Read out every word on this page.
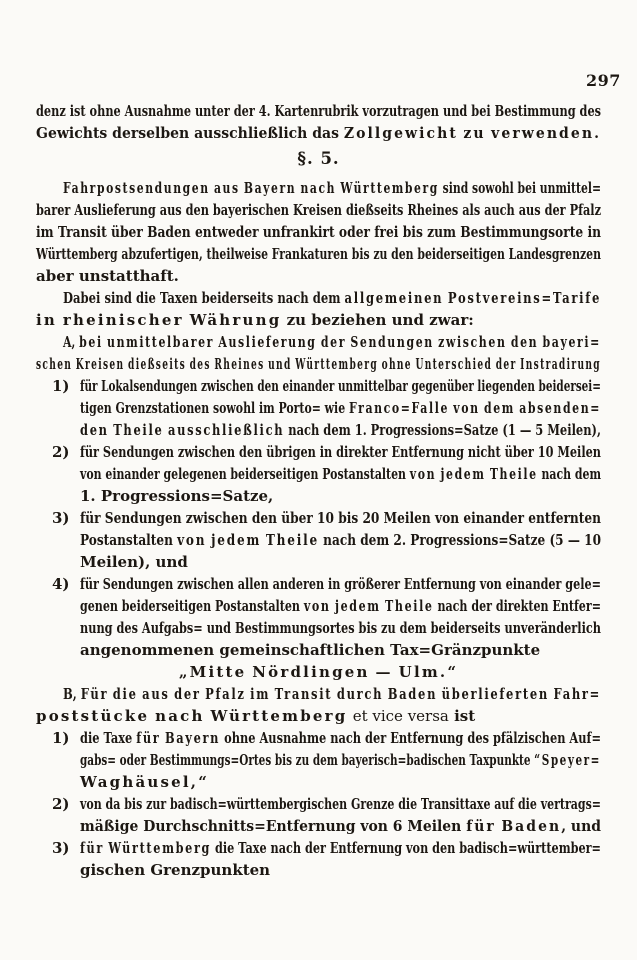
297
denz ist ohne Ausnahme unter der 4. Kartenrubrik vorzutragen und bei Bestimmung des
Gewichts derselben ausschließlich das Zollgewicht zu verwenden.
§. 5.
Fahrpostsendungen aus Bayern nach Württemberg sind sowohl bei unmittel=
barer Auslieferung aus den bayerischen Kreisen dießseits Rheines als auch aus der Pfalz
im Transit über Baden entweder unfrankirt oder frei bis zum Bestimmungsorte in
Württemberg abzufertigen, theilweise Frankaturen bis zu den beiderseitigen Landesgrenzen
aber unstatthaft.
Dabei sind die Taxen beiderseits nach dem allgemeinen Postvereins=Tarife
in rheinischer Währung zu beziehen und zwar:
A, bei unmittelbarer Auslieferung der Sendungen zwischen den bayeri=
schen Kreisen dießseits des Rheines und Württemberg ohne Unterschied der Instradirung
1) für Lokalsendungen zwischen den einander unmittelbar gegenüber liegenden beidersei=
tigen Grenzstationen sowohl im Porto= wie Franco=Falle von dem absenden=
den Theile ausschließlich nach dem 1. Progressions=Satze (1 — 5 Meilen),
2) für Sendungen zwischen den übrigen in direkter Entfernung nicht über 10 Meilen
von einander gelegenen beiderseitigen Postanstalten von jedem Theile nach dem
1. Progressions=Satze,
3) für Sendungen zwischen den über 10 bis 20 Meilen von einander entfernten
Postanstalten von jedem Theile nach dem 2. Progressions=Satze (5 — 10
Meilen), und
4) für Sendungen zwischen allen anderen in größerer Entfernung von einander gele=
genen beiderseitigen Postanstalten von jedem Theile nach der direkten Entfer=
nung des Aufgabs= und Bestimmungsortes bis zu dem beiderseits unveränderlich
angenommenen gemeinschaftlichen Tax=Gränzpunkte
„Mitte Nördlingen — Ulm.“
B, Für die aus der Pfalz im Transit durch Baden überlieferten Fahr=
poststücke nach Württemberg et vice versa ist
1) die Taxe für Bayern ohne Ausnahme nach der Entfernung des pfälzischen Auf=
gabs= oder Bestimmungs=Ortes bis zu dem bayerisch=badischen Taxpunkte “Speyer=
Waghäusel,“
2) von da bis zur badisch=württembergischen Grenze die Transittaxe auf die vertrags=
mäßige Durchschnitts=Entfernung von 6 Meilen für Baden, und
3) für Württemberg die Taxe nach der Entfernung von den badisch=württember=
gischen Grenzpunkten
